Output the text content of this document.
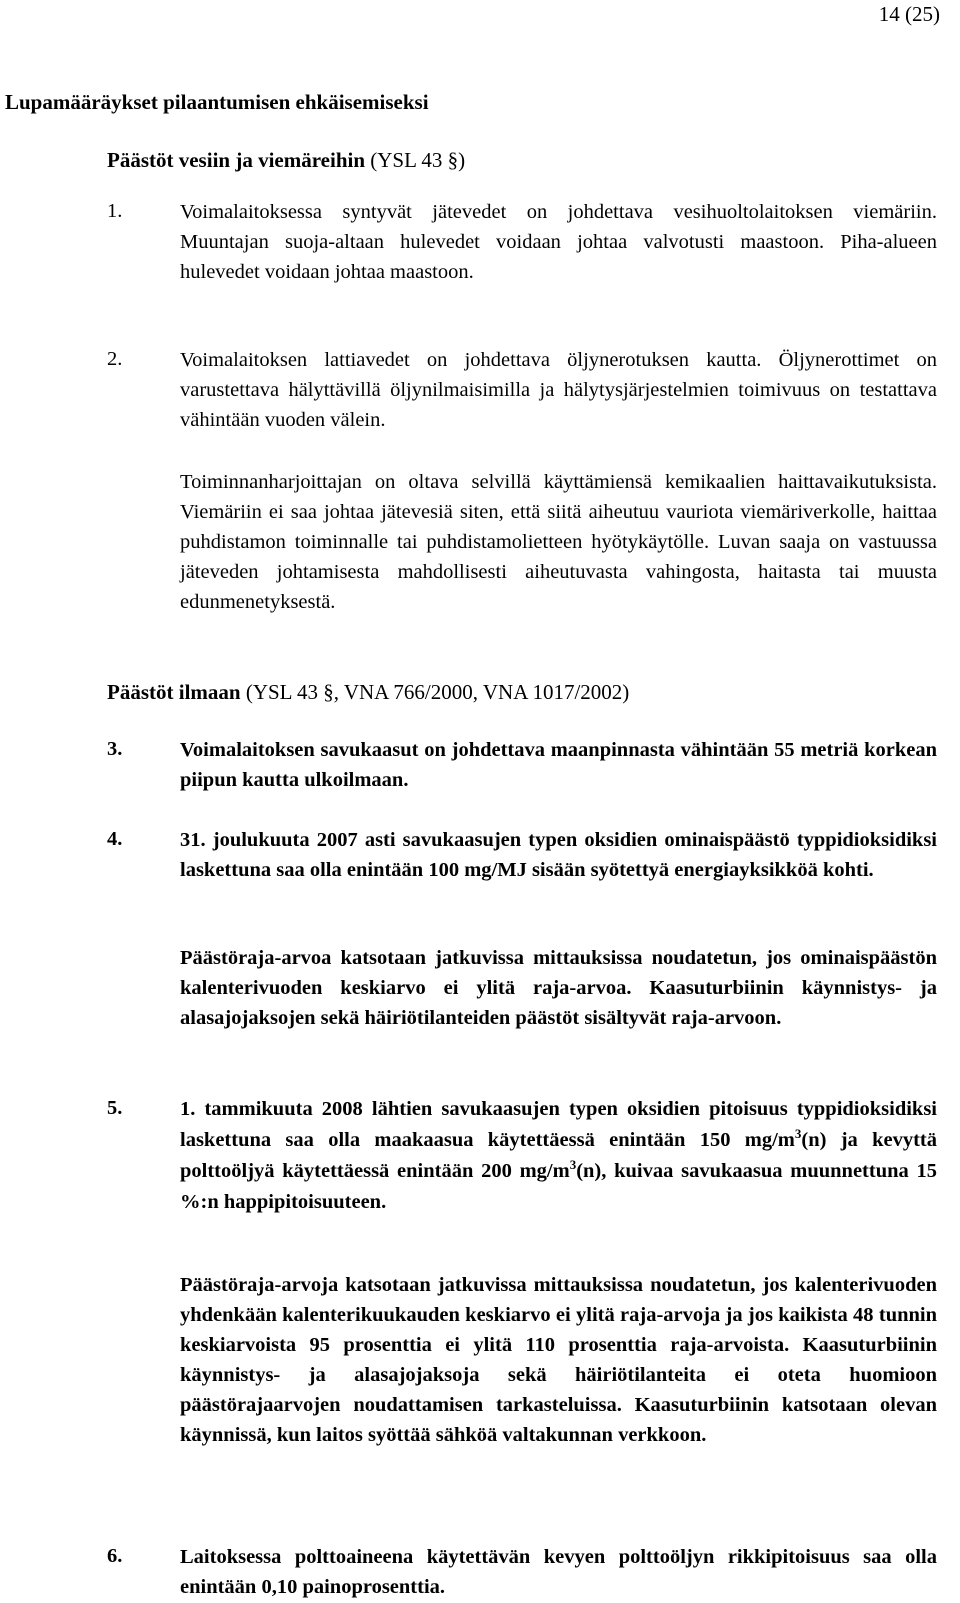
14 (25)
Lupamääräykset pilaantumisen ehkäisemiseksi
Päästöt vesiin ja viemäreihin (YSL 43 §)
1.	Voimalaitoksessa syntyvät jätevedet on johdettava vesihuoltolaitoksen viemäriin. Muuntajan suoja-altaan hulevedet voidaan johtaa valvotusti maastoon. Piha-alueen hulevedet voidaan johtaa maastoon.
2.	Voimalaitoksen lattiavedet on johdettava öljynerotuksen kautta. Öljynerottimet on varustettava hälyttävillä öljynilmaisimilla ja hälytysjärjestelmien toimivuus on testattava vähintään vuoden välein.
Toiminnanharjoittajan on oltava selvillä käyttämiensä kemikaalien haittavaikutuksista. Viemäriin ei saa johtaa jätevesiä siten, että siitä aiheutuu vauriota viemäriverkolle, haittaa puhdistamon toiminnalle tai puhdistamolietteen hyötykäytölle. Luvan saaja on vastuussa jäteveden johtamisesta mahdollisesti aiheutuvasta vahingosta, haitasta tai muusta edunmenetyksestä.
Päästöt ilmaan (YSL 43 §, VNA 766/2000, VNA 1017/2002)
3.	Voimalaitoksen savukaasut on johdettava maanpinnasta vähintään 55 metriä korkean piipun kautta ulkoilmaan.
4.	31. joulukuuta 2007 asti savukaasujen typen oksidien ominaispäästö typpidioksidiksi laskettuna saa olla enintään 100 mg/MJ sisään syötettyä energiayksikköä kohti.
Päästöraja-arvoa katsotaan jatkuvissa mittauksissa noudatetun, jos ominaispäästön kalenterivuoden keskiarvo ei ylitä raja-arvoa. Kaasuturbiinin käynnistys- ja alasajojaksojen sekä häiriötilanteiden päästöt sisältyvät raja-arvoon.
5.	1. tammikuuta 2008 lähtien savukaasujen typen oksidien pitoisuus typpidioksidiksi laskettuna saa olla maakaasua käytettäessä enintään 150 $mg/m^3(n)$ ja kevyttä polttoöljyä käytettäessä enintään 200 $mg/m^3(n)$, kuivaa savukaasua muunnettuna 15 %:n happipitoisuuteen.
Päästöraja-arvoja katsotaan jatkuvissa mittauksissa noudatetun, jos kalenterivuoden yhdenkään kalenterikuukauden keskiarvo ei ylitä raja-arvoja ja jos kaikista 48 tunnin keskiarvoista 95 prosenttia ei ylitä 110 prosenttia raja-arvoista. Kaasuturbiinin käynnistys- ja alasajojaksoja sekä häiriötilanteita ei oteta huomioon päästörajaarvojen noudattamisen tarkasteluissa. Kaasuturbiinin katsotaan olevan käynnissä, kun laitos syöttää sähköä valtakunnan verkkoon.
6.	Laitoksessa polttoaineena käytettävän kevyen polttoöljyn rikkipitoisuus saa olla enintään 0,10 painoprosenttia.
